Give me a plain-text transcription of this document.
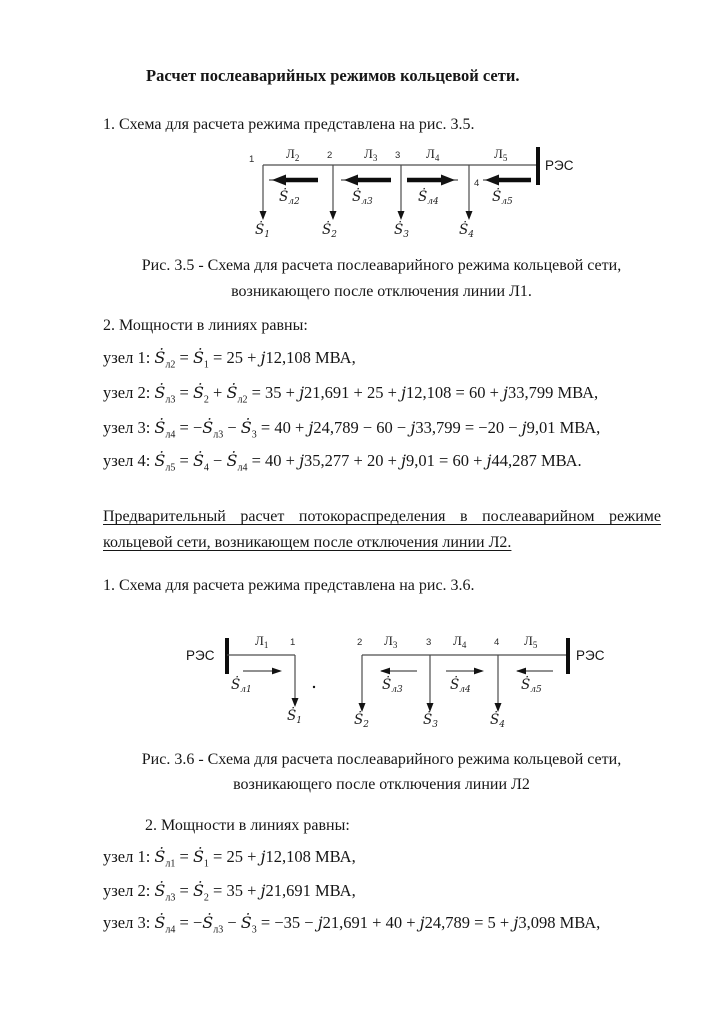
Расчет послеаварийных режимов кольцевой сети.
1. Схема для расчета режима представлена на рис. 3.5.
РЭС
1	2	3
4
$Л_2$	$Л_3$	$Л_4$	$Л_5$
Ṡ$_{л2}$	Ṡ$_{л3}$	Ṡ$_{л4}$	Ṡ$_{л5}$
Ṡ$_1$	Ṡ$_2$	Ṡ$_3$	Ṡ$_4$
Рис. 3.5 - Схема для расчета послеаварийного режима кольцевой сети,
возникающего после отключения линии Л1.
2. Мощности в линиях равны:
узел 1: Ṡ$_{л2}$ = Ṡ$_1$ = 25 + j12,108 МВА,
узел 2: Ṡ$_{л3}$ = Ṡ$_2$ + Ṡ$_{л2}$ = 35 + j21,691 + 25 + j12,108 = 60 + j33,799 МВА,
узел 3: Ṡ$_{л4}$ = −Ṡ$_{л3}$ − Ṡ$_3$ = 40 + j24,789 − 60 − j33,799 = −20 − j9,01 МВА,
узел 4: Ṡ$_{л5}$ = Ṡ$_4$ − Ṡ$_{л4}$ = 40 + j35,277 + 20 + j9,01 = 60 + j44,287 МВА.
Предварительный расчет потокораспределения в послеаварийном режиме
кольцевой сети, возникающем после отключения линии Л2.
1. Схема для расчета режима представлена на рис. 3.6.
РЭС
$Л_1$ 1
Ṡ$_{л1}$
Ṡ$_1$
РЭС
2	3	4
$Л_3$	$Л_4$	$Л_5$
Ṡ$_{л3}$	Ṡ$_{л4}$	Ṡ$_{л5}$
Ṡ$_2$	Ṡ$_3$	Ṡ$_4$
Рис. 3.6 - Схема для расчета послеаварийного режима кольцевой сети,
возникающего после отключения линии Л2
2. Мощности в линиях равны:
узел 1: Ṡ$_{л1}$ = Ṡ$_1$ = 25 + j12,108 МВА,
узел 2: Ṡ$_{л3}$ = Ṡ$_2$ = 35 + j21,691 МВА,
узел 3: Ṡ$_{л4}$ = −Ṡ$_{л3}$ − Ṡ$_3$ = −35 − j21,691 + 40 + j24,789 = 5 + j3,098 МВА,
